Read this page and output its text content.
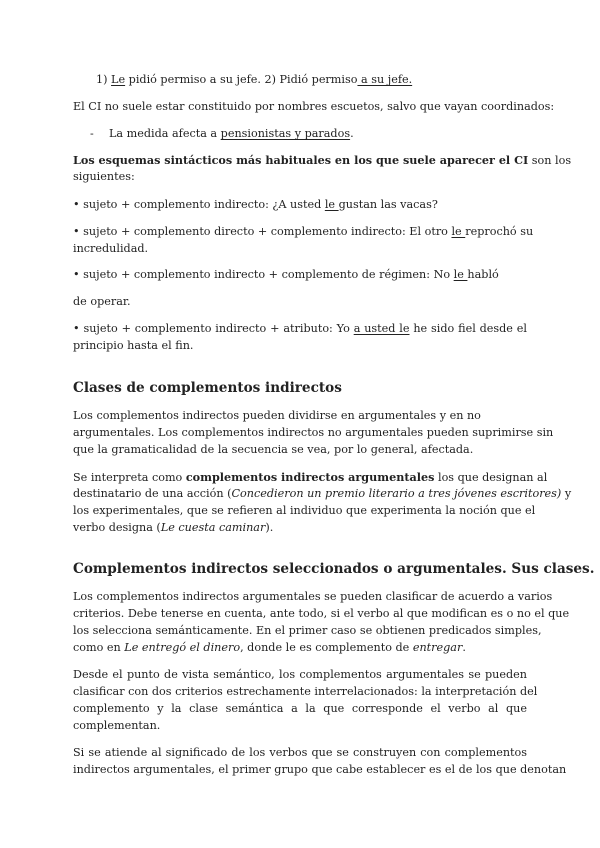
1) Le pidió permiso a su jefe. 2) Pidió permiso a su jefe.

El CI no suele estar constituido por nombres escuetos, salvo que vayan coordinados:

- La medida afecta a pensionistas y parados.

Los esquemas sintácticos más habituales en los que suele aparecer el CI son los

siguientes:

• sujeto + complemento indirecto: ¿A usted le gustan las vacas?

• sujeto + complemento directo + complemento indirecto: El otro le reprochó su

incredulidad.

• sujeto + complemento indirecto + complemento de régimen: No le habló

de operar.

• sujeto + complemento indirecto + atributo: Yo a usted le he sido fiel desde el

principio hasta el fin.

Clases de complementos indirectos

Los complementos indirectos pueden dividirse en argumentales y en no

argumentales. Los complementos indirectos no argumentales pueden suprimirse sin

que la gramaticalidad de la secuencia se vea, por lo general, afectada.

Se interpreta como complementos indirectos argumentales los que designan al

destinatario de una acción (Concedieron un premio literario a tres jóvenes escritores) y

los experimentales, que se refieren al individuo que experimenta la noción que el

verbo designa (Le cuesta caminar).

Complementos indirectos seleccionados o argumentales. Sus clases.

Los complementos indirectos argumentales se pueden clasificar de acuerdo a varios

criterios. Debe tenerse en cuenta, ante todo, si el verbo al que modifican es o no el que

los selecciona semánticamente. En el primer caso se obtienen predicados simples,

como en Le entregó el dinero, donde le es complemento de entregar.

Desde el punto de vista semántico, los complementos argumentales se pueden

clasificar con dos criterios estrechamente interrelacionados: la interpretación del

complemento y la clase semántica a la que corresponde el verbo al que

complementan.

Si se atiende al significado de los verbos que se construyen con complementos

indirectos argumentales, el primer grupo que cabe establecer es el de los que denotan
